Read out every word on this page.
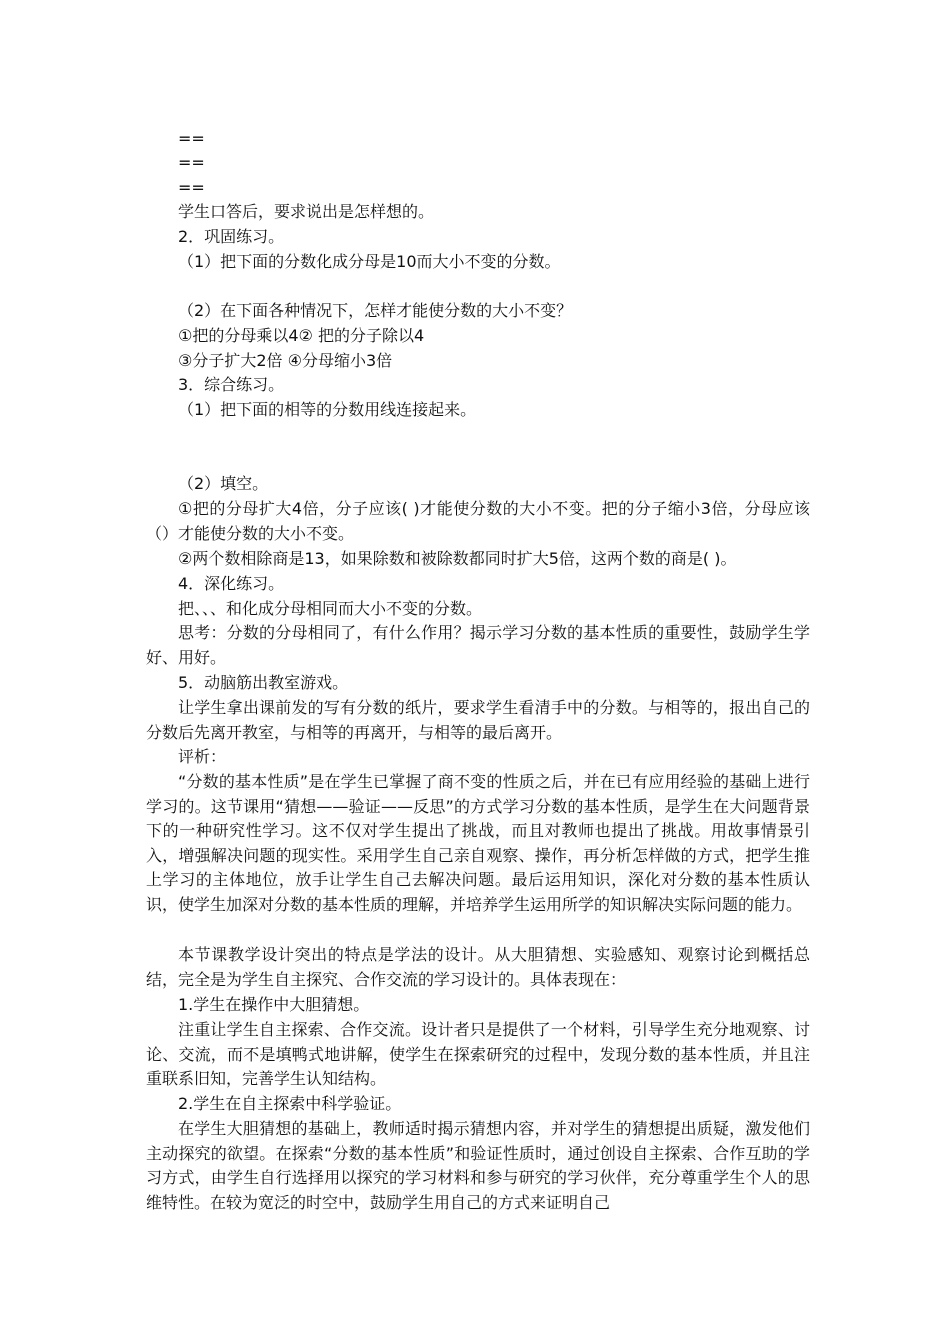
==
==
==
学生口答后，要求说出是怎样想的。
2．巩固练习。
（1）把下面的分数化成分母是10而大小不变的分数。
（2）在下面各种情况下，怎样才能使分数的大小不变？
①把的分母乘以4② 把的分子除以4
③分子扩大2倍 ④分母缩小3倍
3．综合练习。
（1）把下面的相等的分数用线连接起来。
（2）填空。
①把的分母扩大4倍，分子应该( )才能使分数的大小不变。把的分子缩小3倍，分母应该（）才能使分数的大小不变。
②两个数相除商是13，如果除数和被除数都同时扩大5倍，这两个数的商是( )。
4．深化练习。
把、、、和化成分母相同而大小不变的分数。
思考：分数的分母相同了，有什么作用？揭示学习分数的基本性质的重要性，鼓励学生学好、用好。
5．动脑筋出教室游戏。
让学生拿出课前发的写有分数的纸片，要求学生看清手中的分数。与相等的，报出自己的分数后先离开教室，与相等的再离开，与相等的最后离开。
评析：
“分数的基本性质”是在学生已掌握了商不变的性质之后，并在已有应用经验的基础上进行学习的。这节课用“猜想——验证——反思”的方式学习分数的基本性质，是学生在大问题背景下的一种研究性学习。这不仅对学生提出了挑战，而且对教师也提出了挑战。用故事情景引入，增强解决问题的现实性。采用学生自己亲自观察、操作，再分析怎样做的方式，把学生推上学习的主体地位，放手让学生自己去解决问题。最后运用知识，深化对分数的基本性质认识，使学生加深对分数的基本性质的理解，并培养学生运用所学的知识解决实际问题的能力。
本节课教学设计突出的特点是学法的设计。从大胆猜想、实验感知、观察讨论到概括总结，完全是为学生自主探究、合作交流的学习设计的。具体表现在：
1.学生在操作中大胆猜想。
注重让学生自主探索、合作交流。设计者只是提供了一个材料，引导学生充分地观察、讨论、交流，而不是填鸭式地讲解，使学生在探索研究的过程中，发现分数的基本性质，并且注重联系旧知，完善学生认知结构。
2.学生在自主探索中科学验证。
在学生大胆猜想的基础上，教师适时揭示猜想内容，并对学生的猜想提出质疑，激发他们主动探究的欲望。在探索“分数的基本性质”和验证性质时，通过创设自主探索、合作互助的学习方式，由学生自行选择用以探究的学习材料和参与研究的学习伙伴，充分尊重学生个人的思维特性。在较为宽泛的时空中，鼓励学生用自己的方式来证明自己
